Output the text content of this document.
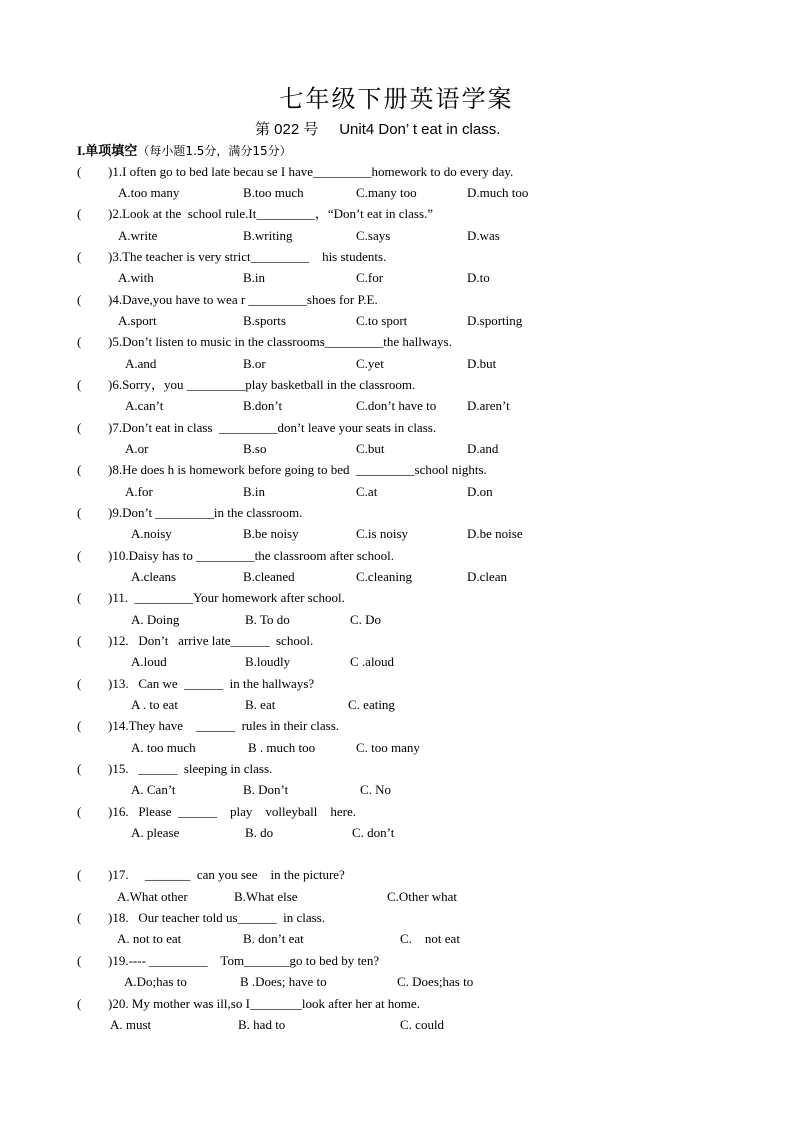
七年级下册英语学案
第 022 号     Unit4 Don’ t eat in class.
I.单项填空（每小题1.5分，满分15分）
( )1.I often go to bed late becau se I have_________homework to do every day.
A.too many	B.too much	C.many too	D.much too
( )2.Look at the  school rule.It_________，“Don’t eat in class.”
A.write	B.writing	C.says	D.was
( )3.The teacher is very strict_________    his students.
A.with	B.in	C.for	D.to
( )4.Dave,you have to wea r _________shoes for P.E.
A.sport	B.sports	C.to sport	D.sporting
( )5.Don’t listen to music in the classrooms_________the hallways.
A.and	B.or	C.yet	D.but
( )6.Sorry，you _________play basketball in the classroom.
A.can’t	B.don’t	C.don’t have to D.aren’t
( )7.Don’t eat in class  _________don’t leave your seats in class.
A.or	B.so	C.but	D.and
( )8.He does h is homework before going to bed  _________school nights.
A.for	B.in	C.at	D.on
( )9.Don’t _________in the classroom.
A.noisy	B.be noisy	C.is noisy	D.be noise
( )10.Daisy has to _________the classroom after school.
A.cleans	B.cleaned	C.cleaning	D.clean
( )11.  _________Your homework after school.
A. Doing	B. To do	C. Do
( )12.   Don’t   arrive late______  school.
A.loud	B.loudly	C .aloud
( )13.   Can we  ______  in the hallways?
A . to eat	B. eat	C. eating
( )14.They have    ______  rules in their class.
A. too much	B . much too	C. too many
( )15.   ______  sleeping in class.
A. Can’t	B. Don’t	C. No
( )16.   Please  ______    play    volleyball    here.
A. please	B. do	C. don’t
( )17.     _______  can you see    in the picture?
A.What other	B.What else	C.Other what
( )18.   Our teacher told us______  in class.
A. not to eat	B. don’t eat	C.    not eat
( )19.---- _________    Tom_______go to bed by ten?
A.Do;has to	B .Does; have to	C. Does;has to
( )20. My mother was ill,so I________look after her at home.
A. must	B. had to	C. could
